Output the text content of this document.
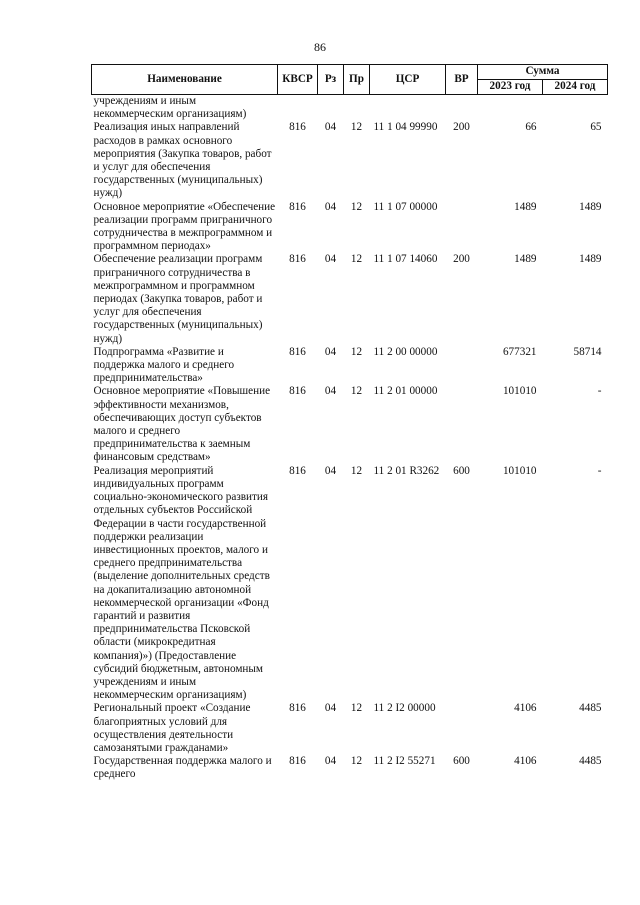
86
Наименование	КВСР	Рз	Пр	ЦСР	ВР	Сумма	
						2023 год	2024 год
учреждениям и иным некоммерческим организациям)							
Реализация иных направлений расходов в рамках основного мероприятия (Закупка товаров, работ и услуг для обеспечения государственных (муниципальных) нужд)	816	04	12	11 1 04 99990	200	66	65
Основное мероприятие «Обеспечение реализации программ приграничного сотрудничества в межпрограммном и программном периодах»	816	04	12	11 1 07 00000		1489	1489
Обеспечение реализации программ приграничного сотрудничества в межпрограммном и программном периодах (Закупка товаров, работ и услуг для обеспечения государственных (муниципальных) нужд)	816	04	12	11 1 07 14060	200	1489	1489
Подпрограмма «Развитие и поддержка малого и среднего предпринимательства»	816	04	12	11 2 00 00000		677321	58714
Основное мероприятие «Повышение эффективности механизмов, обеспечивающих доступ субъектов малого и среднего предпринимательства к заемным финансовым средствам»	816	04	12	11 2 01 00000		101010	-
Реализация мероприятий индивидуальных программ социально-экономического развития отдельных субъектов Российской Федерации в части государственной поддержки реализации инвестиционных проектов, малого и среднего предпринимательства (выделение дополнительных средств на докапитализацию автономной некоммерческой организации «Фонд гарантий и развития предпринимательства Псковской области (микрокредитная компания)») (Предоставление субсидий бюджетным, автономным учреждениям и иным некоммерческим организациям)	816	04	12	11 2 01 R3262	600	101010	-
Региональный проект «Создание благоприятных условий для осуществления деятельности самозанятыми гражданами»	816	04	12	11 2 I2 00000		4106	4485
Государственная поддержка малого и среднего	816	04	12	11 2 I2 55271	600	4106	4485
